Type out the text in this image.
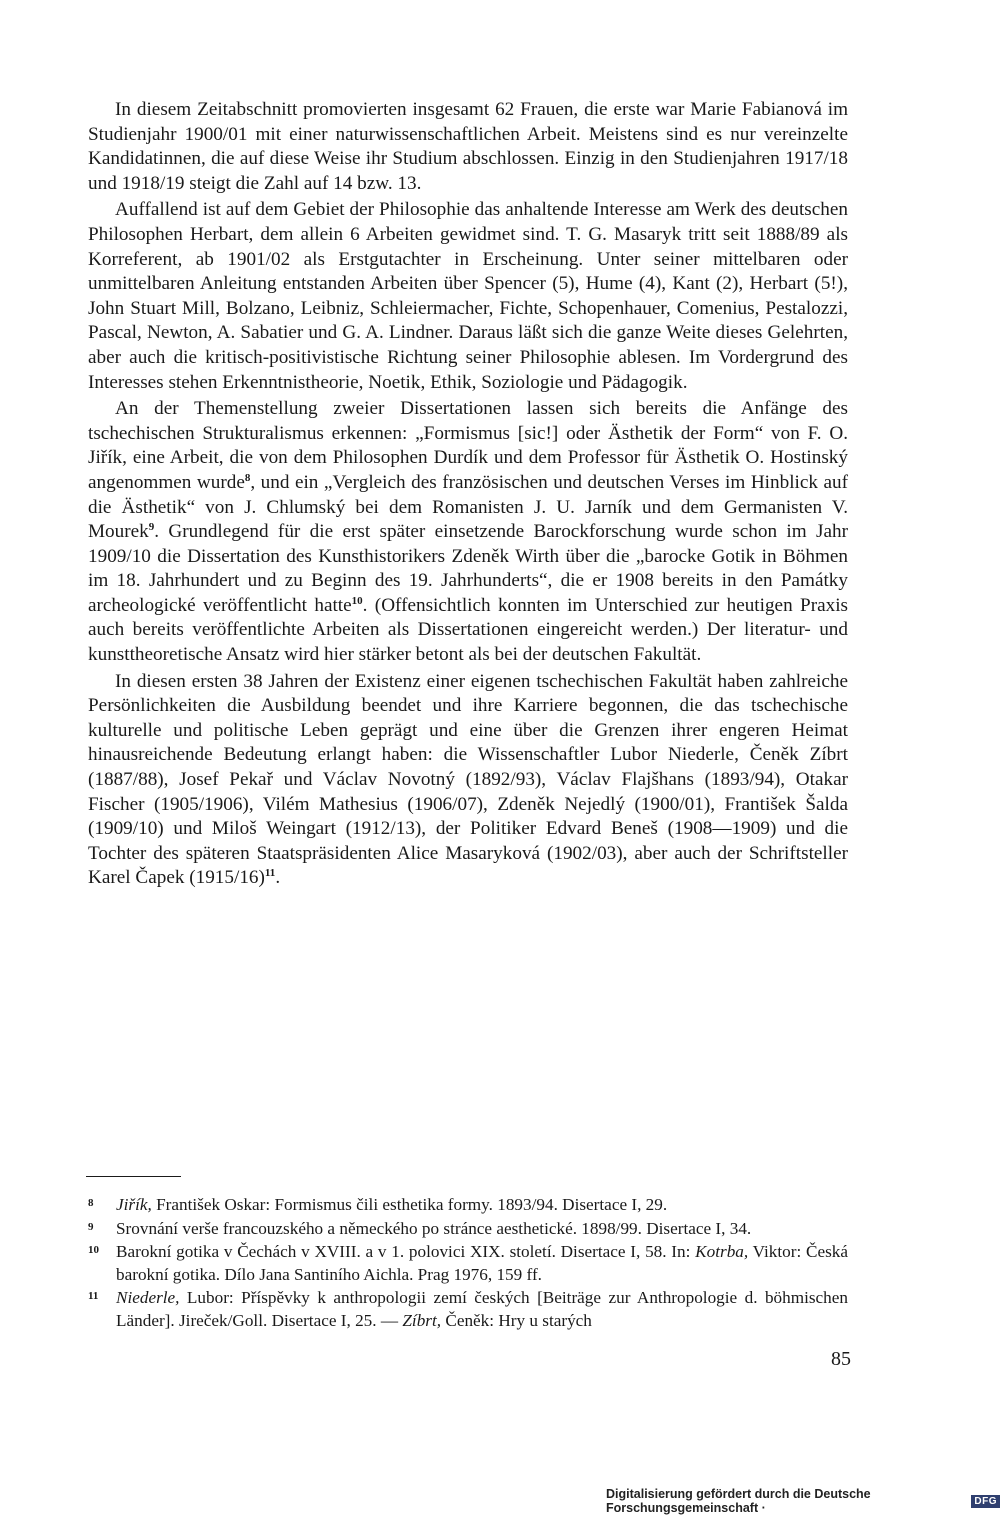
In diesem Zeitabschnitt promovierten insgesamt 62 Frauen, die erste war Marie Fabianová im Studienjahr 1900/01 mit einer naturwissenschaftlichen Arbeit. Meistens sind es nur vereinzelte Kandidatinnen, die auf diese Weise ihr Studium abschlossen. Einzig in den Studienjahren 1917/18 und 1918/19 steigt die Zahl auf 14 bzw. 13.

Auffallend ist auf dem Gebiet der Philosophie das anhaltende Interesse am Werk des deutschen Philosophen Herbart, dem allein 6 Arbeiten gewidmet sind. T. G. Masaryk tritt seit 1888/89 als Korreferent, ab 1901/02 als Erstgutachter in Erscheinung. Unter seiner mittelbaren oder unmittelbaren Anleitung entstanden Arbeiten über Spencer (5), Hume (4), Kant (2), Herbart (5!), John Stuart Mill, Bolzano, Leibniz, Schleiermacher, Fichte, Schopenhauer, Comenius, Pestalozzi, Pascal, Newton, A. Sabatier und G. A. Lindner. Daraus läßt sich die ganze Weite dieses Gelehrten, aber auch die kritisch-positivistische Richtung seiner Philosophie ablesen. Im Vordergrund des Interesses stehen Erkenntnistheorie, Noetik, Ethik, Soziologie und Pädagogik.

An der Themenstellung zweier Dissertationen lassen sich bereits die Anfänge des tschechischen Strukturalismus erkennen: „Formismus [sic!] oder Ästhetik der Form“ von F. O. Jiřík, eine Arbeit, die von dem Philosophen Durdík und dem Professor für Ästhetik O. Hostinský angenommen wurde$^8$, und ein „Vergleich des französischen und deutschen Verses im Hinblick auf die Ästhetik“ von J. Chlumský bei dem Romanisten J. U. Jarník und dem Germanisten V. Mourek$^9$. Grundlegend für die erst später einsetzende Barockforschung wurde schon im Jahr 1909/10 die Dissertation des Kunsthistorikers Zdeněk Wirth über die „barocke Gotik in Böhmen im 18. Jahrhundert und zu Beginn des 19. Jahrhunderts“, die er 1908 bereits in den Památky archeologické veröffentlicht hatte$^{10}$. (Offensichtlich konnten im Unterschied zur heutigen Praxis auch bereits veröffentlichte Arbeiten als Dissertationen eingereicht werden.) Der literatur- und kunsttheoretische Ansatz wird hier stärker betont als bei der deutschen Fakultät.

In diesen ersten 38 Jahren der Existenz einer eigenen tschechischen Fakultät haben zahlreiche Persönlichkeiten die Ausbildung beendet und ihre Karriere begonnen, die das tschechische kulturelle und politische Leben geprägt und eine über die Grenzen ihrer engeren Heimat hinausreichende Bedeutung erlangt haben: die Wissenschaftler Lubor Niederle, Čeněk Zíbrt (1887/88), Josef Pekař und Václav Novotný (1892/93), Václav Flajšhans (1893/94), Otakar Fischer (1905/1906), Vilém Mathesius (1906/07), Zdeněk Nejedlý (1900/01), František Šalda (1909/10) und Miloš Weingart (1912/13), der Politiker Edvard Beneš (1908—1909) und die Tochter des späteren Staatspräsidenten Alice Masaryková (1902/03), aber auch der Schriftsteller Karel Čapek $(1915/16)^{11}$.

8	Jiřík, František Oskar: Formismus čili esthetika formy. 1893/94. Disertace I, 29.
9	Srovnání verše francouzského a německého po stránce aesthetické. 1898/99. Disertace I, 34.
10 Barokní gotika v Čechách v XVIII. a v 1. polovici XIX. století. Disertace I, 58. In: Kotrba, Viktor: Česká barokní gotika. Dílo Jana Santiního Aichla. Prag 1976, 159 ff.
11	Niederle, Lubor: Příspěvky k anthropologii zemí českých [Beiträge zur Anthropologie d. böhmischen Länder]. Jireček/Goll. Disertace I, 25. — Zíbrt, Čeněk: Hry u starých
85
Digitalisierung gefördert durch die Deutsche Forschungsgemeinschaft ·	DFG
